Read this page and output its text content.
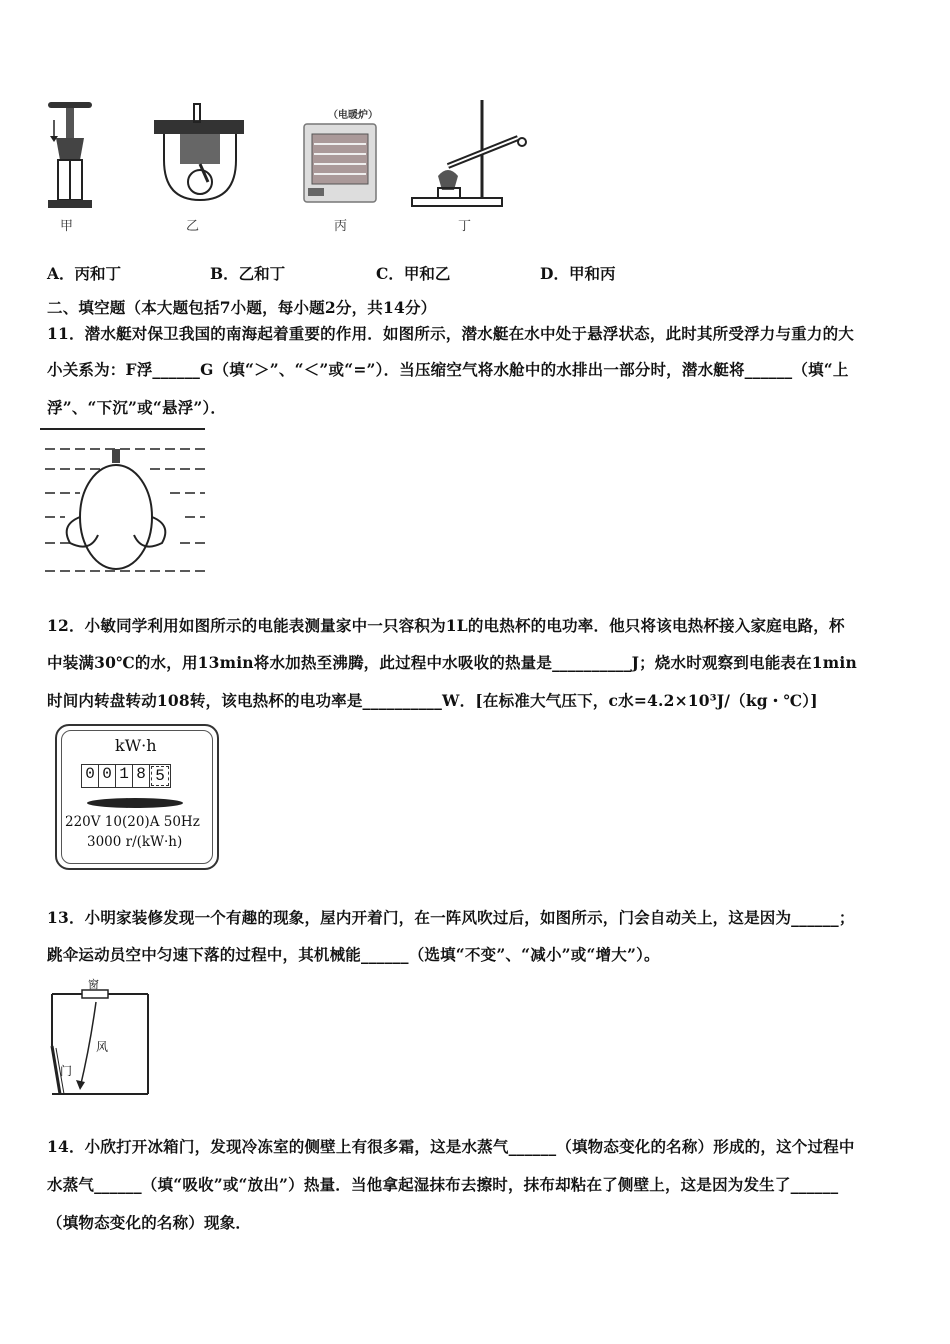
甲	乙
（电暖炉）
丙	丁
A．丙和丁	B．乙和丁	C．甲和乙	D．甲和丙
二、填空题（本大题包括7小题，每小题2分，共14分）
11．潜水艇对保卫我国的南海起着重要的作用．如图所示，潜水艇在水中处于悬浮状态，此时其所受浮力与重力的大
小关系为：F浮______G（填“＞”、“＜”或“=”）．当压缩空气将水舱中的水排出一部分时，潜水艇将______（填“上
浮”、“下沉”或“悬浮”）．
12．小敏同学利用如图所示的电能表测量家中一只容积为1L的电热杯的电功率．他只将该电热杯接入家庭电路，杯
中装满30℃的水，用13min将水加热至沸腾，此过程中水吸收的热量是__________J；烧水时观察到电能表在1min
时间内转盘转动108转，该电热杯的电功率是__________W．[在标准大气压下，c水=4.2×10³J/（kg・℃）]
kW·h
0 0 1 8 5
220V 10(20)A 50Hz
3000 r/(kW·h)
13．小明家装修发现一个有趣的现象，屋内开着门，在一阵风吹过后，如图所示，门会自动关上，这是因为______；
跳伞运动员空中匀速下落的过程中，其机械能______（选填“不变”、“减小”或“增大”）。
窗
风
门
14．小欣打开冰箱门，发现冷冻室的侧壁上有很多霜，这是水蒸气______（填物态变化的名称）形成的，这个过程中
水蒸气______（填“吸收”或“放出”）热量．当他拿起湿抹布去擦时，抹布却粘在了侧壁上，这是因为发生了______
（填物态变化的名称）现象．
